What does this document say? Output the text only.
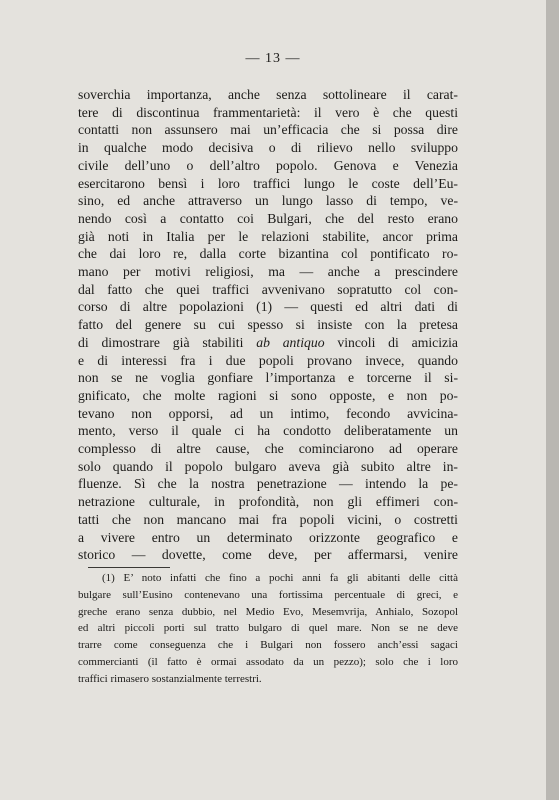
— 13 —
soverchia importanza, anche senza sottolineare il carat-
tere di discontinua frammentarietà: il vero è che questi
contatti non assunsero mai un’efficacia che si possa dire
in qualche modo decisiva o di rilievo nello sviluppo
civile dell’uno o dell’altro popolo. Genova e Venezia
esercitarono bensì i loro traffici lungo le coste dell’Eu-
sino, ed anche attraverso un lungo lasso di tempo, ve-
nendo così a contatto coi Bulgari, che del resto erano
già noti in Italia per le relazioni stabilite, ancor prima
che dai loro re, dalla corte bizantina col pontificato ro-
mano per motivi religiosi, ma — anche a prescindere
dal fatto che quei traffici avvenivano sopratutto col con-
corso di altre popolazioni (1) — questi ed altri dati di
fatto del genere su cui spesso si insiste con la pretesa
di dimostrare già stabiliti ab antiquo vincoli di amicizia
e di interessi fra i due popoli provano invece, quando
non se ne voglia gonfiare l’importanza e torcerne il si-
gnificato, che molte ragioni si sono opposte, e non po-
tevano non opporsi, ad un intimo, fecondo avvicina-
mento, verso il quale ci ha condotto deliberatamente un
complesso di altre cause, che cominciarono ad operare
solo quando il popolo bulgaro aveva già subito altre in-
fluenze. Sì che la nostra penetrazione — intendo la pe-
netrazione culturale, in profondità, non gli effimeri con-
tatti che non mancano mai fra popoli vicini, o costretti
a vivere entro un determinato orizzonte geografico e
storico — dovette, come deve, per affermarsi, venire
(1) E’ noto infatti che fino a pochi anni fa gli abitanti delle città
bulgare sull’Eusino contenevano una fortissima percentuale di greci, e
greche erano senza dubbio, nel Medio Evo, Mesemvrija, Anhialo, Sozopol
ed altri piccoli porti sul tratto bulgaro di quel mare. Non se ne deve
trarre come conseguenza che i Bulgari non fossero anch’essi sagaci
commercianti (il fatto è ormai assodato da un pezzo); solo che i loro
traffici rimasero sostanzialmente terrestri.
